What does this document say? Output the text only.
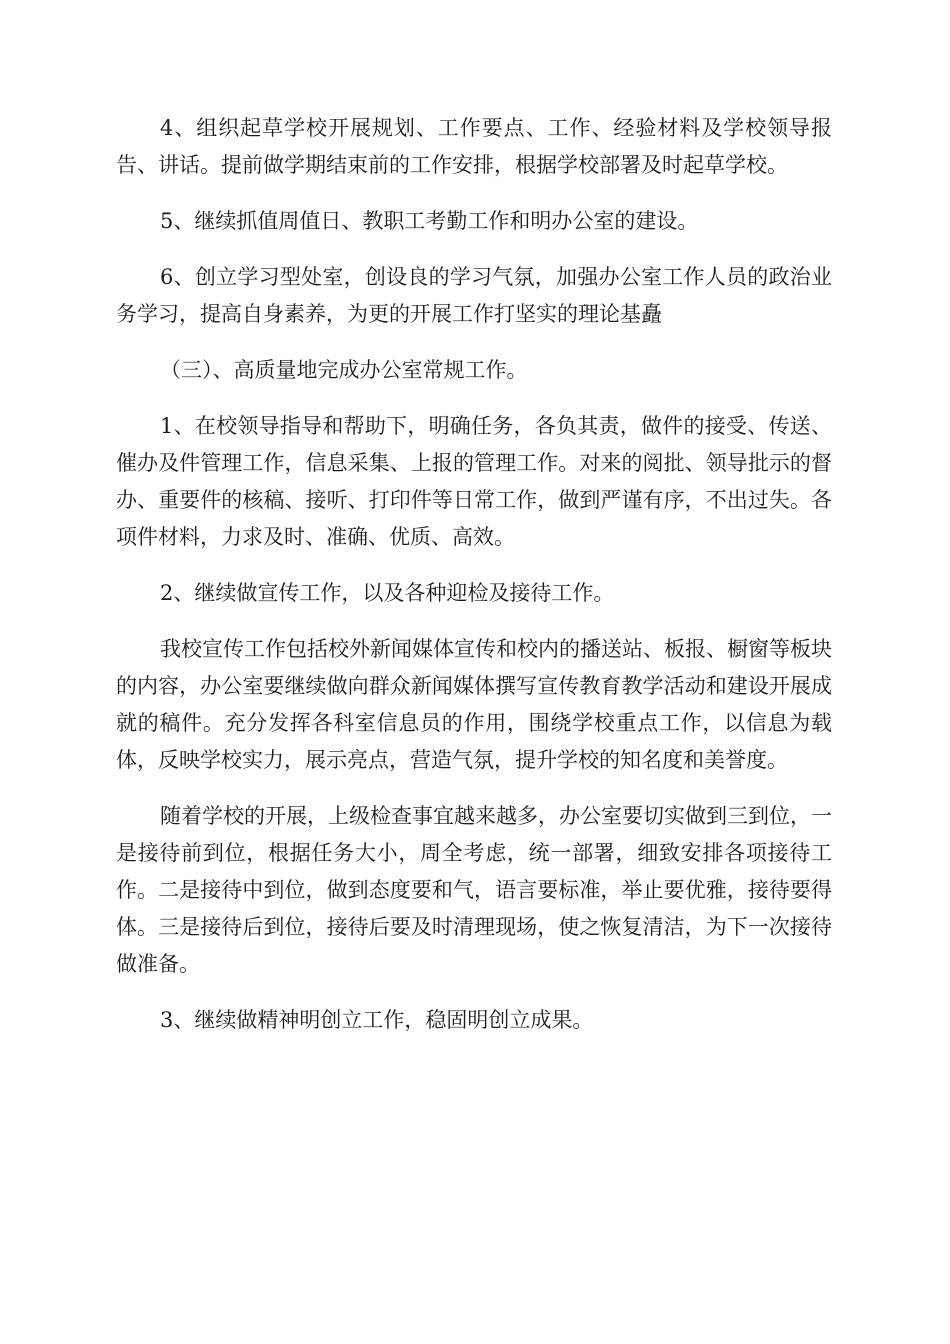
4、组织起草学校开展规划、工作要点、工作、经验材料及学校领导报告、讲话。提前做学期结束前的工作安排，根据学校部署及时起草学校。

5、继续抓值周值日、教职工考勤工作和明办公室的建设。

6、创立学习型处室，创设良的学习气氛，加强办公室工作人员的政治业务学习，提高自身素养，为更的开展工作打坚实的理论基矗

（三）、高质量地完成办公室常规工作。

1、在校领导指导和帮助下，明确任务，各负其责，做件的接受、传送、催办及件管理工作，信息采集、上报的管理工作。对来的阅批、领导批示的督办、重要件的核稿、接听、打印件等日常工作，做到严谨有序，不出过失。各项件材料，力求及时、准确、优质、高效。

2、继续做宣传工作，以及各种迎检及接待工作。

我校宣传工作包括校外新闻媒体宣传和校内的播送站、板报、橱窗等板块的内容，办公室要继续做向群众新闻媒体撰写宣传教育教学活动和建设开展成就的稿件。充分发挥各科室信息员的作用，围绕学校重点工作，以信息为载体，反映学校实力，展示亮点，营造气氛，提升学校的知名度和美誉度。

随着学校的开展，上级检查事宜越来越多，办公室要切实做到三到位，一是接待前到位，根据任务大小，周全考虑，统一部署，细致安排各项接待工作。二是接待中到位，做到态度要和气，语言要标准，举止要优雅，接待要得体。三是接待后到位，接待后要及时清理现场，使之恢复清洁，为下一次接待做准备。

3、继续做精神明创立工作，稳固明创立成果。
